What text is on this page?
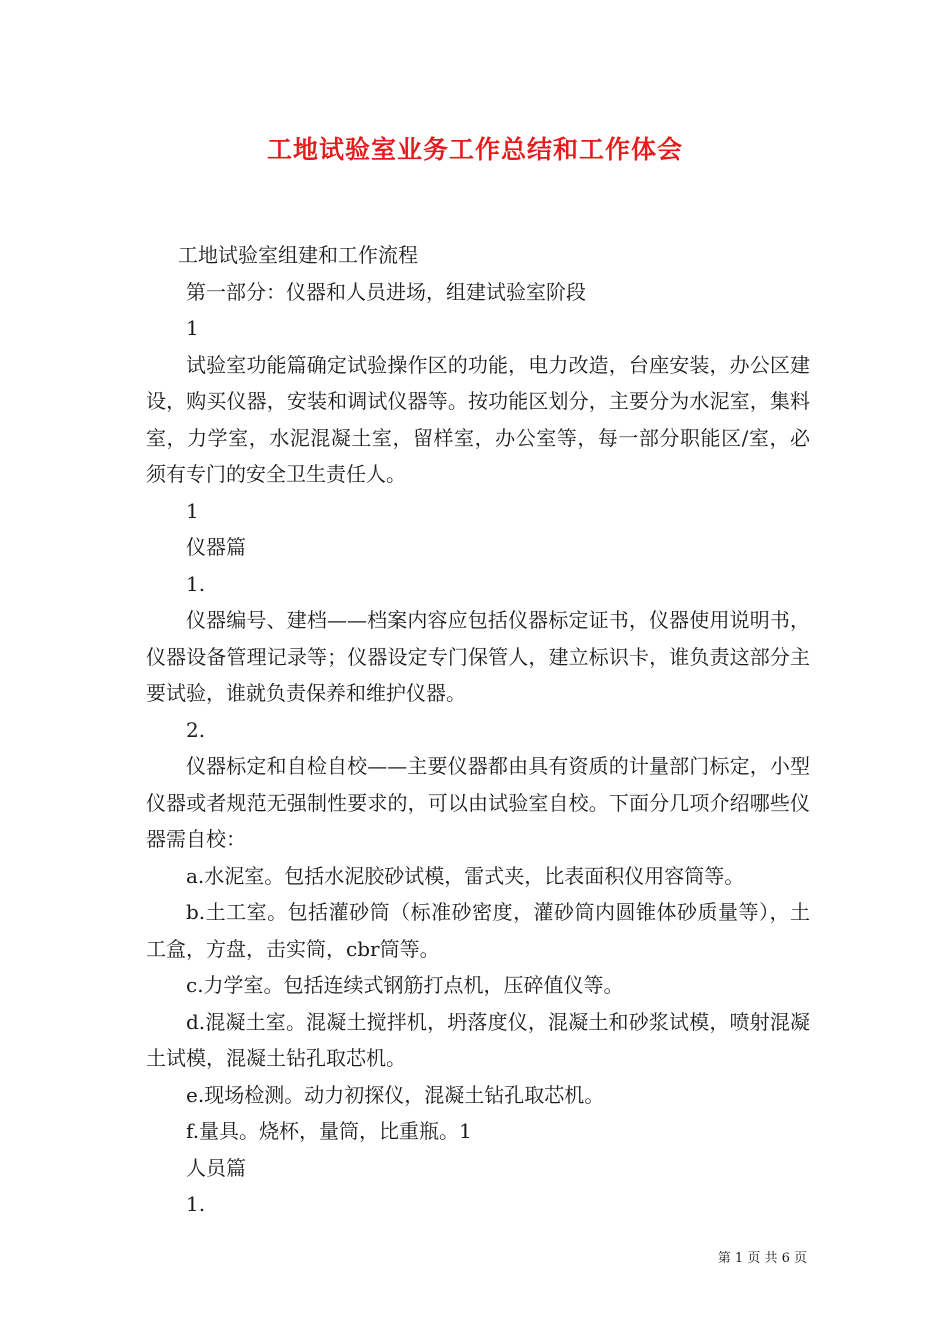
工地试验室业务工作总结和工作体会

工地试验室组建和工作流程

第一部分：仪器和人员进场，组建试验室阶段

1

试验室功能篇确定试验操作区的功能，电力改造，台座安装，办公区建设，购买仪器，安装和调试仪器等。按功能区划分，主要分为水泥室，集料室，力学室，水泥混凝土室，留样室，办公室等，每一部分职能区/室，必须有专门的安全卫生责任人。

1

仪器篇

1.

仪器编号、建档——档案内容应包括仪器标定证书，仪器使用说明书，仪器设备管理记录等；仪器设定专门保管人，建立标识卡，谁负责这部分主要试验，谁就负责保养和维护仪器。

2.

仪器标定和自检自校——主要仪器都由具有资质的计量部门标定，小型仪器或者规范无强制性要求的，可以由试验室自校。下面分几项介绍哪些仪器需自校：

a.水泥室。包括水泥胶砂试模，雷式夹，比表面积仪用容筒等。

b.土工室。包括灌砂筒（标准砂密度，灌砂筒内圆锥体砂质量等），土工盒，方盘，击实筒，cbr筒等。

c.力学室。包括连续式钢筋打点机，压碎值仪等。

d.混凝土室。混凝土搅拌机，坍落度仪，混凝土和砂浆试模，喷射混凝土试模，混凝土钻孔取芯机。

e.现场检测。动力初探仪，混凝土钻孔取芯机。

f.量具。烧杯，量筒，比重瓶。1

人员篇

1.

第 1 页 共 6 页
